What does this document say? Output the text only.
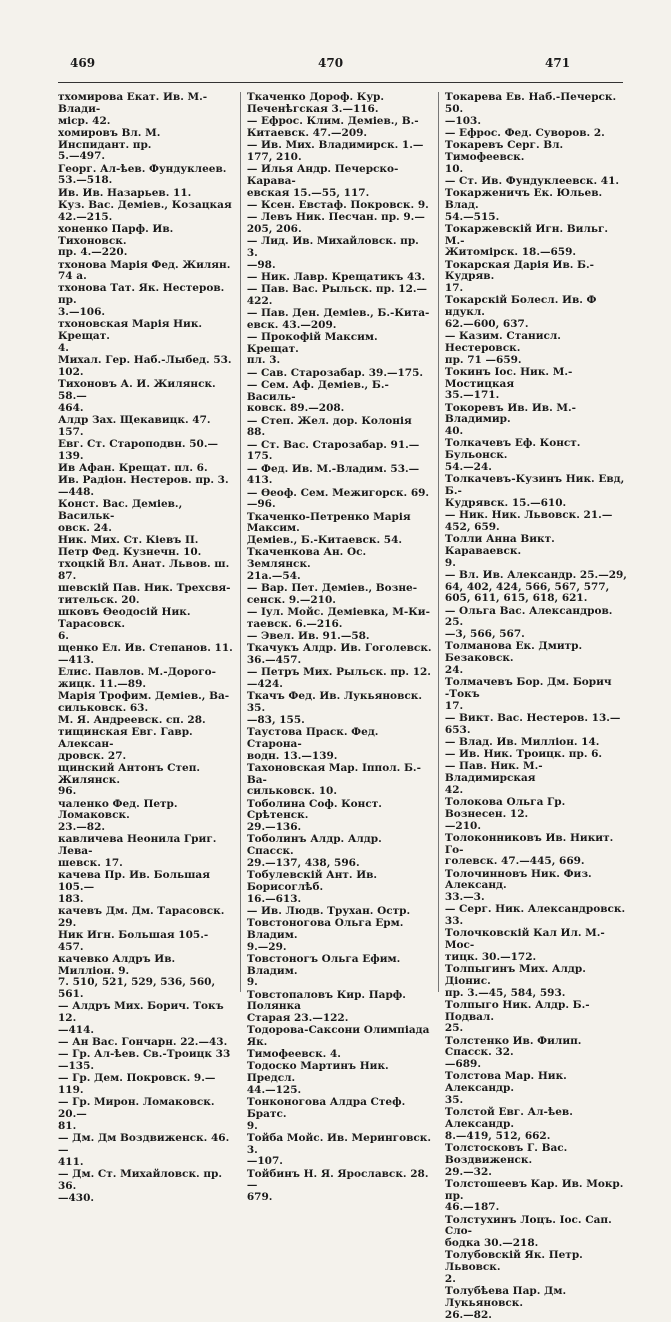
469	470	471
тхомирова Екат. Ив. М.-Влади-
міср. 42.
хомировъ Вл. М. Инспидант. пр.
5.—497.
Георг. Ал-ѣев. Фундуклеев.
53.—518.
Ив. Ив. Назарьев. 11.
Куз. Вас. Деміев., Козацкая
42.—215.
хоненко Парф. Ив. Тихоновск.
пр. 4.—220.
тхонова Марія Фед. Жилян.
74 а.
тхонова Тат. Як. Нестеров. пр.
3.—106.
тхоновская Марія Ник. Крещат.
4.
Михал. Гер. Наб.-Лыбед. 53.
102.
Тихоновъ А. И. Жилянск. 58.—
464.
Алдр Зах. Щекавицк. 47.
157.
Евг. Ст. Староподвн. 50.—
139.
Ив Афан. Крещат. пл. 6.
Ив. Радіон. Нестеров. пр. 3.
—448.
Конст. Вас. Деміев., Васильк-
овск. 24.
Ник. Мих. Ст. Кіевъ II.
Петр Фед. Кузнечн. 10.
тхоцкій Вл. Анат. Львов. ш.
87.
шевскій Пав. Ник. Трехсвя-
тительск. 20.
шковъ Ѳеодосій Ник. Тарасовск.
6.
щенко Ел. Ив. Степанов. 11.
—413.
Елис. Павлов. М.-Дорого-
жицк. 11.—89.
Марія Трофим. Деміев., Ва-
сильковск. 63.
М. Я. Андреевск. сп. 28.
тищинская Евг. Гавр. Алексан-
дровск. 27.
щинский Антонъ Степ. Жилянск.
96.
чаленко Фед. Петр. Ломаковск.
23.—82.
кавличева Неонила Григ. Лева-
шевск. 17.
качева Пр. Ив. Большая 105.—
183.
качевъ Дм. Дм. Тарасовск. 29.
Ник Игн. Большая 105.-
457.
качевко Алдръ Ив. Милліон. 9.
7. 510, 521, 529, 536, 560,
561.
— Алдръ Мих. Борич. Токъ 12.
—414.
— Ан Вас. Гончарн. 22.—43.
— Гр. Ал-ѣев. Св.-Троицк 33
—135.
— Гр. Дем. Покровск. 9.—119.
— Гр. Мирон. Ломаковск. 20.—
81.
— Дм. Дм Воздвиженск. 46.—
411.
— Дм. Ст. Михайловск. пр. 36.
—430.
Ткаченко Дороф. Кур. Печенѣгская 3.—116.
— Ефрос. Клим. Деміев., В.-
Китаевск. 47.—209.
— Ив. Мих. Владимирск. 1.—
177, 210.
— Илья Андр. Печерско-Карава-
евская 15.—55, 117.
— Ксен. Евстаф. Покровск. 9.
— Левъ Ник. Песчан. пр. 9.—
205, 206.
— Лид. Ив. Михайловск. пр. 3.
—98.
— Ник. Лавр. Крещатикъ 43.
— Пав. Вас. Рыльск. пр. 12.—
422.
— Пав. Ден. Деміев., Б.-Кита-
евск. 43.—209.
— Прокофій Максим. Крещат.
пл. 3.
— Сав. Старозабар. 39.—175.
— Сем. Аф. Деміев., Б.-Василь-
ковск. 89.—208.
— Степ. Жел. дор. Колонія 88.
— Ст. Вас. Старозабар. 91.—
175.
— Фед. Ив. М.-Владим. 53.—
413.
— Ѳеоф. Сем. Межигорск. 69.
—96.
Ткаченко-Петренко Марія Максим.
Деміев., Б.-Китаевск. 54.
Ткаченкова Ан. Ос. Землянск.
21а.—54.
— Вар. Пет. Деміев., Возне-
сенск. 9.—210.
— Іул. Мойс. Деміевка, М-Ки-
таевск. 6.—216.
— Эвел. Ив. 91.—58.
Ткачукъ Алдр. Ив. Гоголевск.
36.—457.
— Петръ Мих. Рыльск. пр. 12.
—424.
Ткачъ Фед. Ив. Лукьяновск. 35.
—83, 155.
Таустова Праск. Фед. Старона-
водн. 13.—139.
Тахоновская Мар. Іппол. Б.-Ва-
сильковск. 10.
Тоболина Соф. Конст. Срѣтенск.
29.—136.
Тоболинъ Алдр. Алдр. Спасск.
29.—137, 438, 596.
Тобулевскій Ант. Ив. Борисоглѣб.
16.—613.
— Ив. Людв. Трухан. Остр.
Товстоногова Ольга Ерм. Владим.
9.—29.
Товстоногъ Ольга Ефим. Владим.
9.
Товстопаловъ Кир. Парф. Полянка
Старая 23.—122.
Тодорова-Саксони Олимпіада Як.
Тимофеевск. 4.
Тодоско Мартинъ Ник. Предсл.
44.—125.
Тонконогова Алдра Стеф. Братс.
9.
Тойба Мойс. Ив. Меринговск. 3.
—107.
Тойбинъ Н. Я. Ярославск. 28.—
679.
Токарева Ев. Наб.-Печерск. 50.
—103.
— Ефрос. Фед. Суворов. 2.
Токаревъ Серг. Вл. Тимофеевск.
10.
— Ст. Ив. Фундуклеевск. 41.
Токарженичъ Ек. Юльев. Влад.
54.—515.
Токаржевскій Игн. Вильг. М.-
Житомірск. 18.—659.
Токарская Дарія Ив. Б.-Кудряв.
17.
Токарскій Болесл. Ив. Ф ндукл.
62.—600, 637.
— Казим. Станисл. Нестеровск.
пр. 71 —659.
Токинъ Іос. Ник. М.-Мостицкая
35.—171.
Токоревъ Ив. Ив. М.-Владимир.
40.
Толкачевъ Еф. Конст. Бульонск.
54.—24.
Толкачевъ-Кузинъ Ник. Евд, Б.-
Кудрявск. 15.—610.
— Ник. Ник. Львовск. 21.—
452, 659.
Толли Анна Викт. Караваевск.
9.
— Вл. Ив. Александр. 25.—29,
64, 402, 424, 566, 567, 577,
605, 611, 615, 618, 621.
— Ольга Вас. Александров. 25.
—3, 566, 567.
Толманова Ек. Дмитр. Безаковск.
24.
Толмачевъ Бор. Дм. Борич -Токъ
17.
— Викт. Вас. Нестеров. 13.—
653.
— Влад. Ив. Милліон. 14.
— Ив. Ник. Троицк. пр. 6.
— Пав. Ник. М.-Владимирская
42.
Толокова Ольга Гр. Вознесен. 12.
—210.
Толоконниковъ Ив. Никит. Го-
голевск. 47.—445, 669.
Толочинновъ Ник. Физ. Александ.
33.—3.
— Серг. Ник. Александровск.
33.
Толочковскій Кал Ил. М.-Мос-
тицк. 30.—172.
Толпыгинъ Мих. Алдр. Діонис.
пр. 3.—45, 584, 593.
Толпыго Ник. Алдр. Б.-Подвал.
25.
Толстенко Ив. Филип. Спасск. 32.
—689.
Толстова Мар. Ник. Александр.
35.
Толстой Евг. Ал-ѣев. Александр.
8.—419, 512, 662.
Толстосковъ Г. Вас. Воздвиженск.
29.—32.
Толстошеевъ Кар. Ив. Мокр. пр.
46.—187.
Толстухинъ Лоцъ. Іос. Сап. Сло-
бодка 30.—218.
Толубовскій Як. Петр. Львовск.
2.
Толубѣева Пар. Дм. Лукьяновск.
26.—82.
